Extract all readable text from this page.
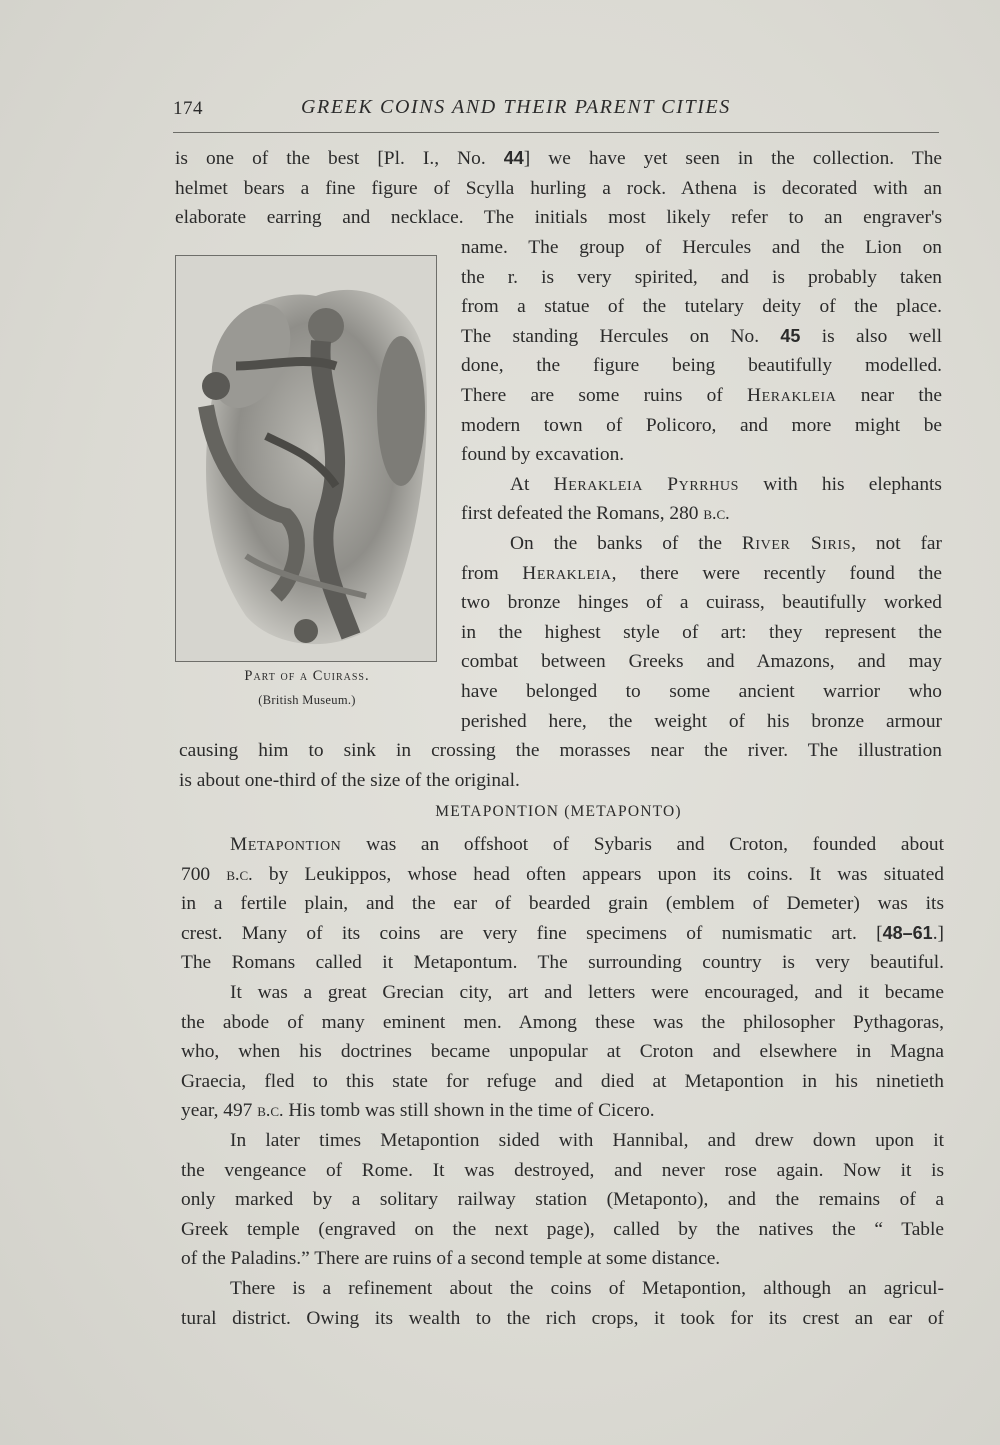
174	GREEK COINS AND THEIR PARENT CITIES
is one of the best [Pl. I., No. 44] we have yet seen in the collection. The
helmet bears a fine figure of Scylla hurling a rock. Athena is decorated with an
elaborate earring and necklace. The initials most likely refer to an engraver's
Part of a Cuirass.
(British Museum.)
name. The group of Hercules and the Lion on
the r. is very spirited, and is probably taken
from a statue of the tutelary deity of the place.
The standing Hercules on No. 45 is also well
done, the figure being beautifully modelled.
There are some ruins of Herakleia near the
modern town of Policoro, and more might be
found by excavation.
At Herakleia Pyrrhus with his elephants
first defeated the Romans, 280 b.c.
On the banks of the River Siris, not far
from Herakleia, there were recently found the
two bronze hinges of a cuirass, beautifully worked
in the highest style of art: they represent the
combat between Greeks and Amazons, and may
have belonged to some ancient warrior who
perished here, the weight of his bronze armour
causing him to sink in crossing the morasses near the river. The illustration
is about one-third of the size of the original.
METAPONTION (METAPONTO)
Metapontion was an offshoot of Sybaris and Croton, founded about
700 b.c. by Leukippos, whose head often appears upon its coins. It was situated
in a fertile plain, and the ear of bearded grain (emblem of Demeter) was its
crest. Many of its coins are very fine specimens of numismatic art. [48–61.]
The Romans called it Metapontum. The surrounding country is very beautiful.
It was a great Grecian city, art and letters were encouraged, and it became
the abode of many eminent men. Among these was the philosopher Pythagoras,
who, when his doctrines became unpopular at Croton and elsewhere in Magna
Graecia, fled to this state for refuge and died at Metapontion in his ninetieth
year, 497 b.c. His tomb was still shown in the time of Cicero.
In later times Metapontion sided with Hannibal, and drew down upon it
the vengeance of Rome. It was destroyed, and never rose again. Now it is
only marked by a solitary railway station (Metaponto), and the remains of a
Greek temple (engraved on the next page), called by the natives the “ Table
of the Paladins.” There are ruins of a second temple at some distance.
There is a refinement about the coins of Metapontion, although an agricul-
tural district. Owing its wealth to the rich crops, it took for its crest an ear of
